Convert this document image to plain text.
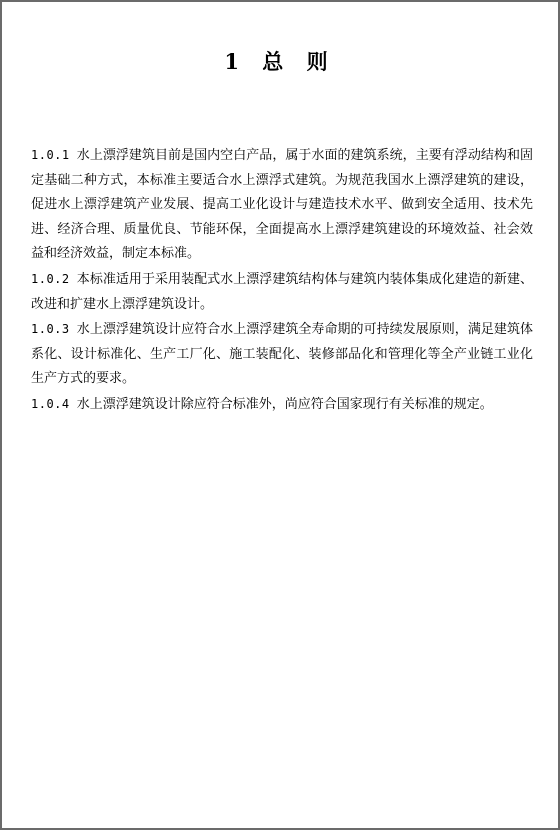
1 总 则

1.0.1 水上漂浮建筑目前是国内空白产品，属于水面的建筑系统，主要有浮动结构和固定基础二种方式，本标准主要适合水上漂浮式建筑。为规范我国水上漂浮建筑的建设，促进水上漂浮建筑产业发展、提高工业化设计与建造技术水平、做到安全适用、技术先进、经济合理、质量优良、节能环保，全面提高水上漂浮建筑建设的环境效益、社会效益和经济效益，制定本标准。

1.0.2 本标准适用于采用装配式水上漂浮建筑结构体与建筑内装体集成化建造的新建、改进和扩建水上漂浮建筑设计。

1.0.3 水上漂浮建筑设计应符合水上漂浮建筑全寿命期的可持续发展原则，满足建筑体系化、设计标准化、生产工厂化、施工装配化、装修部品化和管理化等全产业链工业化生产方式的要求。

1.0.4 水上漂浮建筑设计除应符合标准外，尚应符合国家现行有关标准的规定。
